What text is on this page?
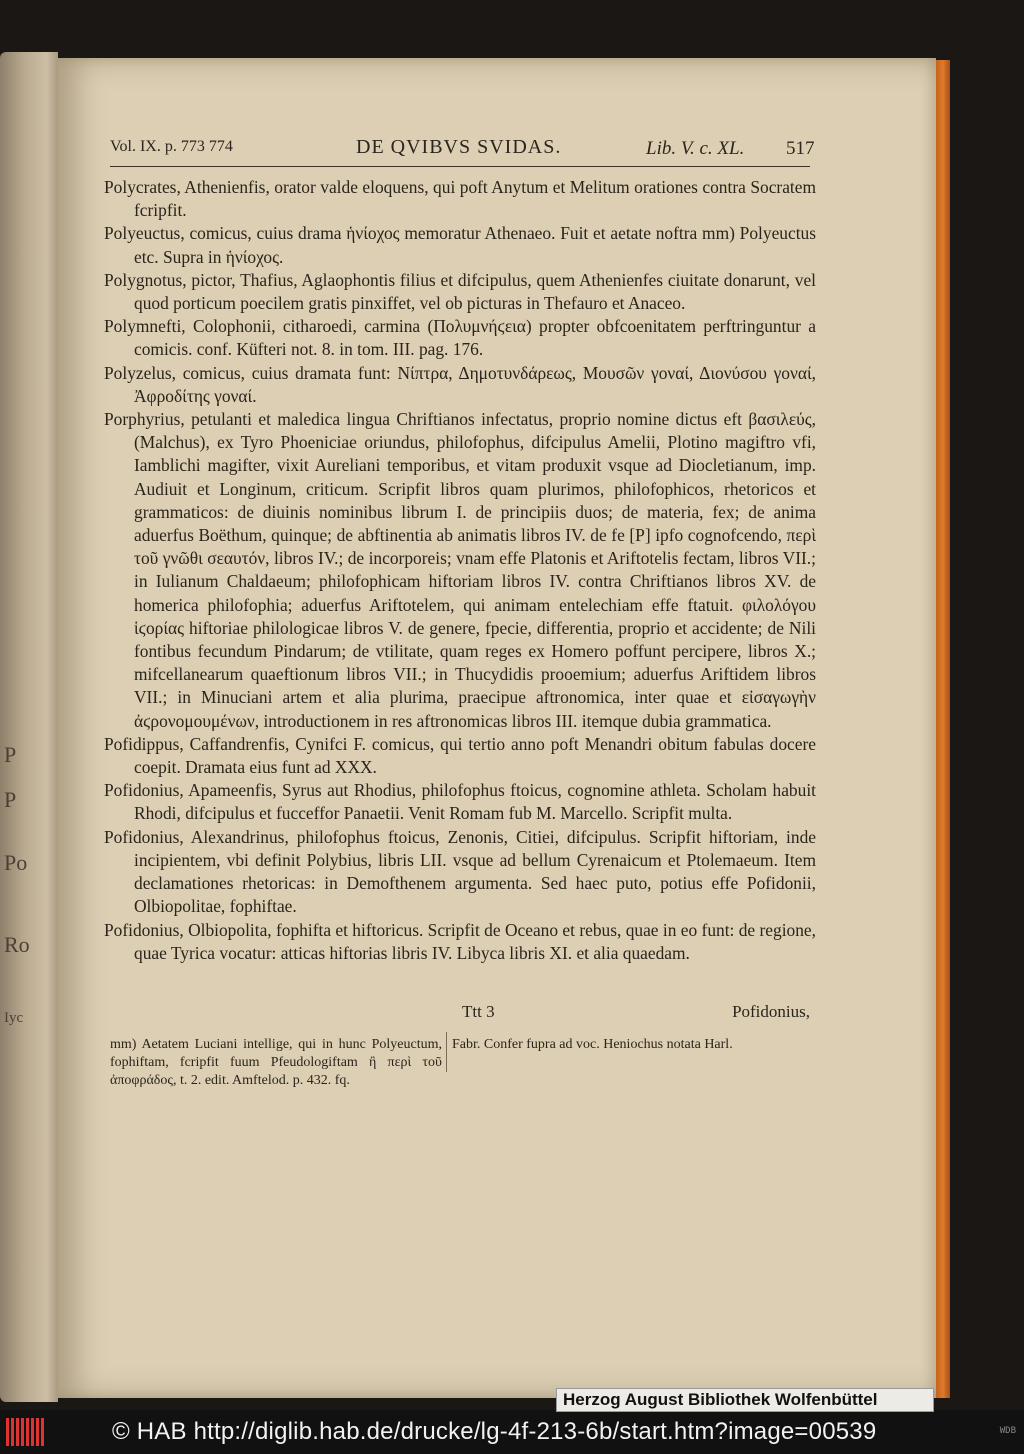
P
P
Po
Ro
Iyc
Vol. IX. p. 773 774	DE QVIBVS SVIDAS.	Lib. V. c. XL. 517

Polycrates, Athenienfis, orator valde eloquens, qui poft Anytum et Melitum orationes contra Socratem fcripfit.

Polyeuctus, comicus, cuius drama ἡνίοχος memoratur Athenaeo. Fuit et aetate noftra mm) Polyeuctus etc. Supra in ἡνίοχος.

Polygnotus, pictor, Thafius, Aglaophontis filius et difcipulus, quem Athenienfes ciuitate donarunt, vel quod porticum poecilem gratis pinxiffet, vel ob picturas in Thefauro et Anaceo.

Polymnefti, Colophonii, citharoedi, carmina (Πολυμνήϛεια) propter obfcoenitatem perftringuntur a comicis. conf. Küfteri not. 8. in tom. III. pag. 176.

Polyzelus, comicus, cuius dramata funt: Νίπτρα, Δημοτυνδάρεως, Μουσῶν γοναί, Διονύσου γοναί, Ἀφροδίτης γοναί.

Porphyrius, petulanti et maledica lingua Chriftianos infectatus, proprio nomine dictus eft βασιλεύς, (Malchus), ex Tyro Phoeniciae oriundus, philofophus, difcipulus Amelii, Plotino magiftro vfi, Iamblichi magifter, vixit Aureliani temporibus, et vitam produxit vsque ad Diocletianum, imp. Audiuit et Longinum, criticum. Scripfit libros quam plurimos, philofophicos, rhetoricos et grammaticos: de diuinis nominibus librum I. de principiis duos; de materia, fex; de anima aduerfus Boëthum, quinque; de abftinentia ab animatis libros IV. de fe [P] ipfo cognofcendo, περὶ τοῦ γνῶθι σεαυτόν, libros IV.; de incorporeis; vnam effe Platonis et Ariftotelis fectam, libros VII.; in Iulianum Chaldaeum; philofophicam hiftoriam libros IV. contra Chriftianos libros XV. de homerica philofophia; aduerfus Ariftotelem, qui animam entelechiam effe ftatuit. φιλολόγου ἱϛορίας hiftoriae philologicae libros V. de genere, fpecie, differentia, proprio et accidente; de Nili fontibus fecundum Pindarum; de vtilitate, quam reges ex Homero poffunt percipere, libros X.; mifcellanearum quaeftionum libros VII.; in Thucydidis prooemium; aduerfus Ariftidem libros VII.; in Minuciani artem et alia plurima, praecipue aftronomica, inter quae et εἰσαγωγὴν ἀϛρονομουμένων, introductionem in res aftronomicas libros III. itemque dubia grammatica.

Pofidippus, Caffandrenfis, Cynifci F. comicus, qui tertio anno poft Menandri obitum fabulas docere coepit. Dramata eius funt ad XXX.

Pofidonius, Apameenfis, Syrus aut Rhodius, philofophus ftoicus, cognomine athleta. Scholam habuit Rhodi, difcipulus et fucceffor Panaetii. Venit Romam fub M. Marcello. Scripfit multa.

Pofidonius, Alexandrinus, philofophus ftoicus, Zenonis, Citiei, difcipulus. Scripfit hiftoriam, inde incipientem, vbi definit Polybius, libris LII. vsque ad bellum Cyrenaicum et Ptolemaeum. Item declamationes rhetoricas: in Demofthenem argumenta. Sed haec puto, potius effe Pofidonii, Olbiopolitae, fophiftae.

Pofidonius, Olbiopolita, fophifta et hiftoricus. Scripfit de Oceano et rebus, quae in eo funt: de regione, quae Tyrica vocatur: atticas hiftorias libris IV. Libyca libris XI. et alia quaedam.

Ttt 3	Pofidonius,
mm) Aetatem Luciani intellige, qui in hunc Polyeuctum, fophiftam, fcripfit fuum Pfeudologiftam ἢ περὶ τοῦ ἀποφράδος, t. 2. edit. Amftelod. p. 432. fq.
Fabr. Confer fupra ad voc. Heniochus notata Harl.
© HAB http://diglib.hab.de/drucke/lg-4f-213-6b/start.htm?image=00539	WDB
Herzog August Bibliothek Wolfenbüttel
